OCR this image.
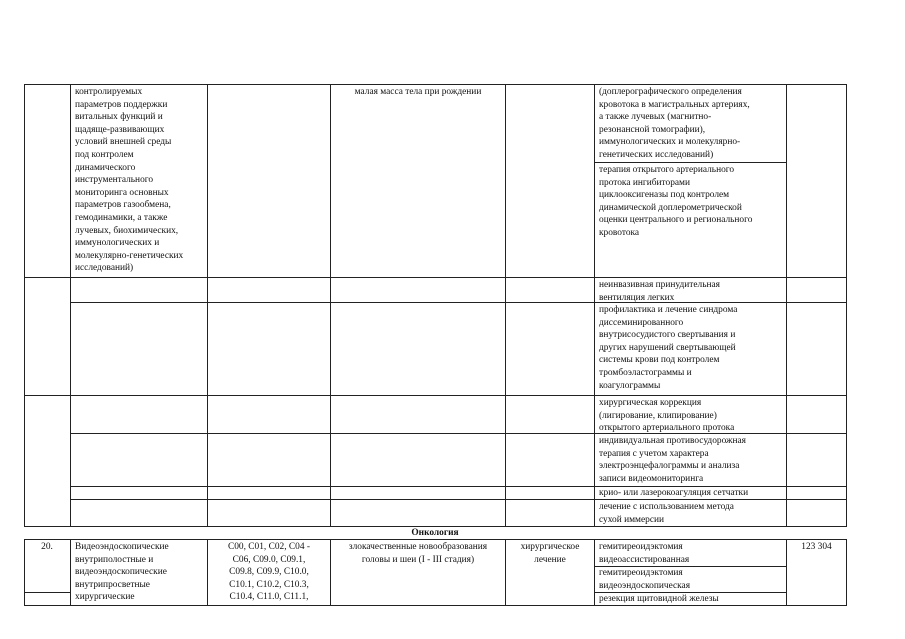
контролируемых
параметров поддержки
витальных функций и
щадяще-развивающих
условий внешней среды
под контролем
динамического
инструментального
мониторинга основных
параметров газообмена,
гемодинамики, а также
лучевых, биохимических,
иммунологических и
молекулярно-генетических
исследований)
малая масса тела при рождении	(доплерографического определения
кровотока в магистральных артериях,
а также лучевых (магнитно-
резонансной томографии),
иммунологических и молекулярно-
генетических исследований)
терапия открытого артериального
протока ингибиторами
циклооксигеназы под контролем
динамической доплерометрической
оценки центрального и регионального
кровотока
неинвазивная принудительная
вентиляция легких
профилактика и лечение синдрома
диссеминированного
внутрисосудистого свертывания и
других нарушений свертывающей
системы крови под контролем
тромбоэластограммы и
коагулограммы
хирургическая коррекция
(лигирование, клипирование)
открытого артериального протока
индивидуальная противосудорожная
терапия с учетом характера
электроэнцефалограммы и анализа
записи видеомониторинга
крио- или лазерокоагуляция сетчатки
лечение с использованием метода
сухой иммерсии
Онкология
20.	Видеоэндоскопические
внутриполостные и
видеоэндоскопические
внутрипросветные
хирургические
С00, С01, С02, С04 -
С06, С09.0, С09.1,
С09.8, С09.9, С10.0,
С10.1, С10.2, С10.3,
С10.4, С11.0, С11.1,
злокачественные новообразования
головы и шеи (I - III стадия)
хирургическое
лечение
гемитиреоидэктомия
видеоассистированная
гемитиреоидэктомия
видеоэндоскопическая
резекция щитовидной железы
123 304
